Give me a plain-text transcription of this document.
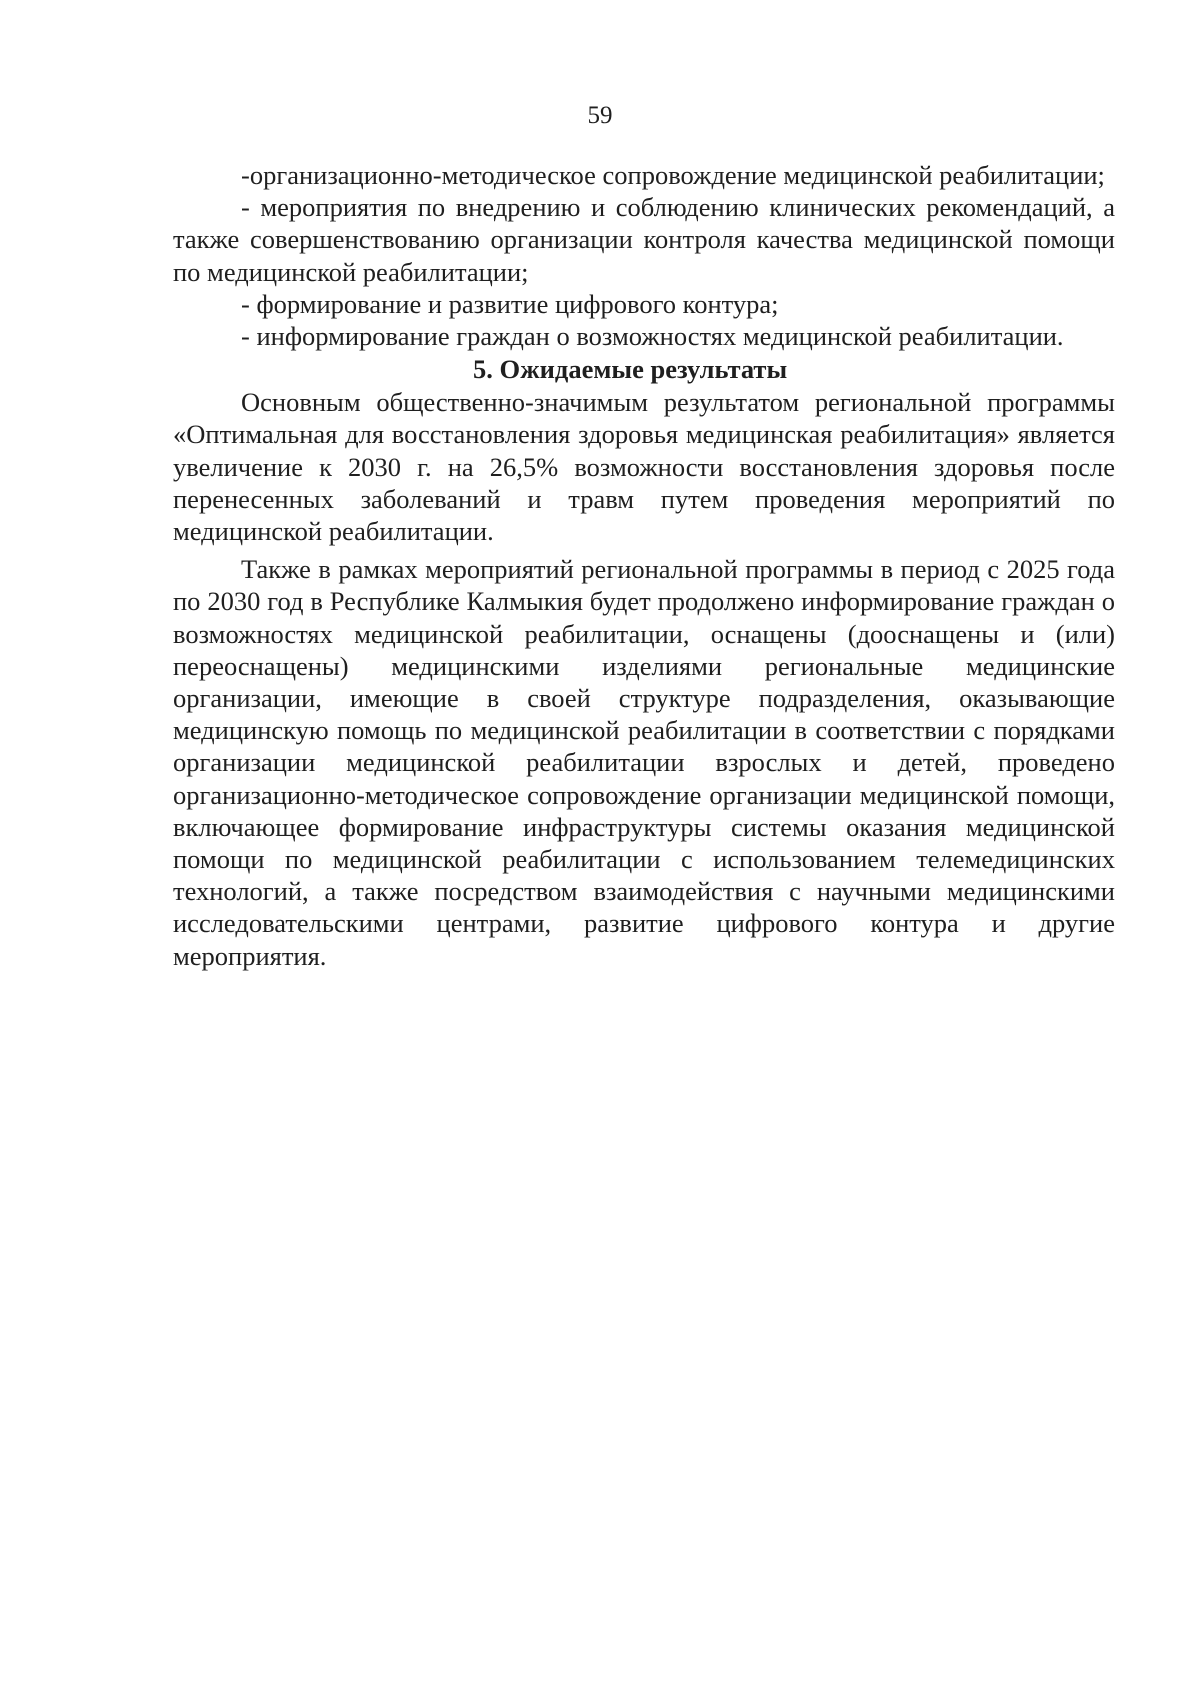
59

-организационно-методическое сопровождение медицинской реабилитации;

- мероприятия по внедрению и соблюдению клинических рекомендаций, а также совершенствованию организации контроля качества медицинской помощи по медицинской реабилитации;

- формирование и развитие цифрового контура;

- информирование граждан о возможностях медицинской реабилитации.

5. Ожидаемые результаты

Основным общественно-значимым результатом региональной программы «Оптимальная для восстановления здоровья медицинская реабилитация» является увеличение к 2030 г. на 26,5% возможности восстановления здоровья после перенесенных заболеваний и травм путем проведения мероприятий по медицинской реабилитации.

Также в рамках мероприятий региональной программы в период с 2025 года по 2030 год в Республике Калмыкия будет продолжено информирование граждан о возможностях медицинской реабилитации, оснащены (дооснащены и (или) переоснащены) медицинскими изделиями региональные медицинские организации, имеющие в своей структуре подразделения, оказывающие медицинскую помощь по медицинской реабилитации в соответствии с порядками организации медицинской реабилитации взрослых и детей, проведено организационно-методическое сопровождение организации медицинской помощи, включающее формирование инфраструктуры системы оказания медицинской помощи по медицинской реабилитации с использованием телемедицинских технологий, а также посредством взаимодействия с научными медицинскими исследовательскими центрами, развитие цифрового контура и другие мероприятия.
